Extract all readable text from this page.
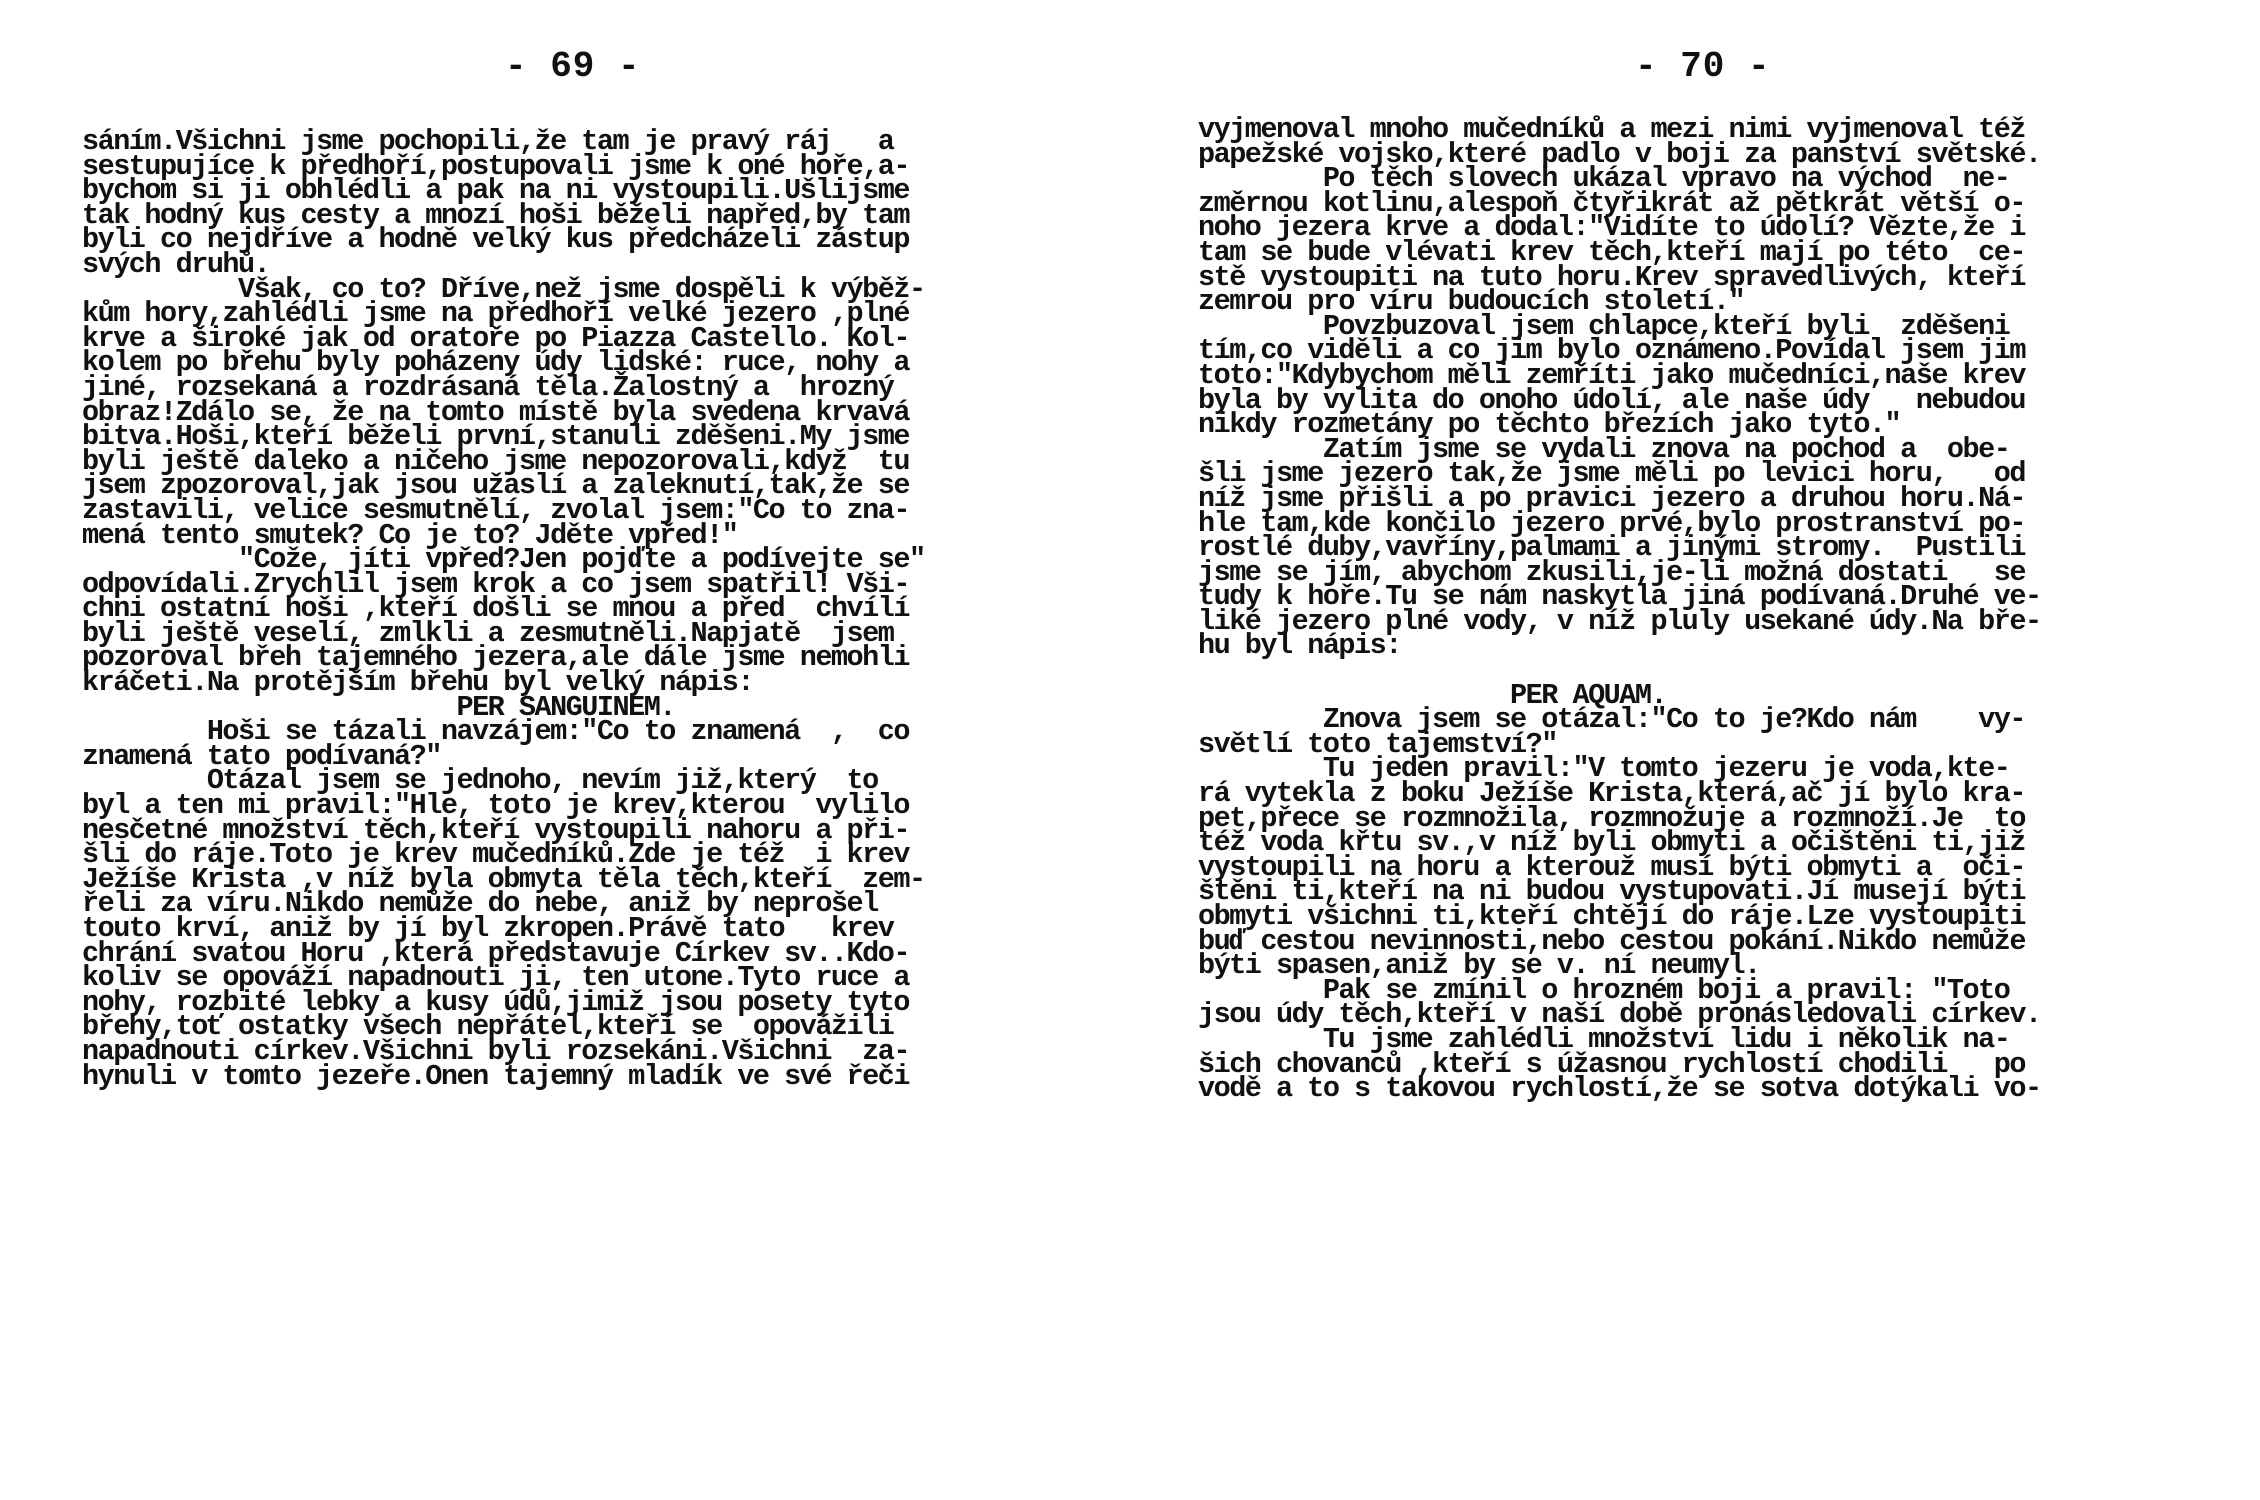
- 69 -
sáním.Všichni jsme pochopili,že tam je pravý ráj   a
sestupujíce k předhoří,postupovali jsme k oné hoře,a-
bychom si ji obhlédli a pak na ni vystoupili.Ušlijsme
tak hodný kus cesty a mnozí hoši běželi napřed,by tam
byli co nejdříve a hodně velký kus předcházeli zástup
svých druhů.
Však, co to? Dříve,než jsme dospěli k výběž-
kům hory,zahlédli jsme na předhoří velké jezero ,plné
krve a široké jak od oratoře po Piazza Castello. Kol-
kolem po břehu byly poházeny údy lidské: ruce, nohy a
jiné, rozsekaná a rozdrásaná těla.Žalostný a  hrozný
obraz!Zdálo se, že na tomto místě byla svedena krvavá
bitva.Hoši,kteří běželi první,stanuli zděšeni.My jsme
byli ještě daleko a ničeho jsme nepozorovali,když  tu
jsem zpozoroval,jak jsou užaslí a zaleknutí,tak,že se
zastavili, velice sesmutnělí, zvolal jsem:"Co to zna-
mená tento smutek? Co je to? Jděte vpřed!"
"Cože, jíti vpřed?Jen pojďte a podívejte se"
odpovídali.Zrychlil jsem krok a co jsem spatřil! Vši-
chni ostatní hoši ,kteří došli se mnou a před  chvílí
byli ještě veselí, zmlkli a zesmutněli.Napjatě  jsem
pozoroval břeh tajemného jezera,ale dále jsme nemohli
kráčeti.Na protějším břehu byl velký nápis:
PER SANGUINEM.
Hoši se tázali navzájem:"Co to znamená  ,  co
znamená tato podívaná?"
Otázal jsem se jednoho, nevím již,který  to
byl a ten mi pravil:"Hle, toto je krev,kterou  vylilo
nesčetné množství těch,kteří vystoupili nahoru a při-
šli do ráje.Toto je krev mučedníků.Zde je též  i krev
Ježíše Krista ,v níž byla obmyta těla těch,kteří  zem-
řeli za víru.Nikdo nemůže do nebe, aniž by neprošel
touto krví, aniž by jí byl zkropen.Právě tato   krev
chrání svatou Horu ,která představuje Církev sv..Kdo-
koliv se opováží napadnouti ji, ten utone.Tyto ruce a
nohy, rozbité lebky a kusy údů,jimiž jsou posety tyto
břehy,toť ostatky všech nepřátel,kteří se  opovážili
napadnouti církev.Všichni byli rozsekáni.Všichni  za-
hynuli v tomto jezeře.Onen tajemný mladík ve své řeči
- 70 -
vyjmenoval mnoho mučedníků a mezi nimi vyjmenoval též
papežské vojsko,které padlo v boji za panství světské.
Po těch slovech ukázal vpravo na východ  ne-
změrnou kotlinu,alespoň čtyřikrát až pětkrát větší o-
noho jezera krve a dodal:"Vidíte to údolí? Vězte,že i
tam se bude vlévati krev těch,kteří mají po této  ce-
stě vystoupiti na tuto horu.Krev spravedlivých, kteří
zemrou pro víru budoucích století."
Povzbuzoval jsem chlapce,kteří byli  zděšeni
tím,co viděli a co jim bylo oznámeno.Povídal jsem jim
toto:"Kdybychom měli zemříti jako mučedníci,naše krev
byla by vylita do onoho údolí, ale naše údy   nebudou
nikdy rozmetány po těchto březích jako tyto."
Zatím jsme se vydali znova na pochod a  obe-
šli jsme jezero tak,že jsme měli po levici horu,   od
níž jsme přišli a po pravici jezero a druhou horu.Ná-
hle tam,kde končilo jezero prvé,bylo prostranství po-
rostlé duby,vavříny,palmami a jinými stromy.  Pustili
jsme se jím, abychom zkusili,je-li možná dostati   se
tudy k hoře.Tu se nám naskytla jiná podívaná.Druhé ve-
liké jezero plné vody, v níž pluly usekané údy.Na bře-
hu byl nápis:
PER AQUAM.
Znova jsem se otázal:"Co to je?Kdo nám    vy-
světlí toto tajemství?"
Tu jeden pravil:"V tomto jezeru je voda,kte-
rá vytekla z boku Ježíše Krista,která,ač jí bylo kra-
pet,přece se rozmnožila, rozmnožuje a rozmnoží.Je  to
též voda křtu sv.,v níž byli obmyti a očištěni ti,již
vystoupili na horu a kterouž musí býti obmyti a  oči-
štěni ti,kteří na ni budou vystupovati.Jí musejí býti
obmyti všichni ti,kteří chtějí do ráje.Lze vystoupiti
buď cestou nevinnosti,nebo cestou pokání.Nikdo nemůže
býti spasen,aniž by se v. ní neumyl.
Pak se zmínil o hrozném boji a pravil: "Toto
jsou údy těch,kteří v naší době pronásledovali církev.
Tu jsme zahlédli množství lidu i několik na-
šich chovanců ,kteří s úžasnou rychlostí chodili   po
vodě a to s takovou rychlostí,že se sotva dotýkali vo-
